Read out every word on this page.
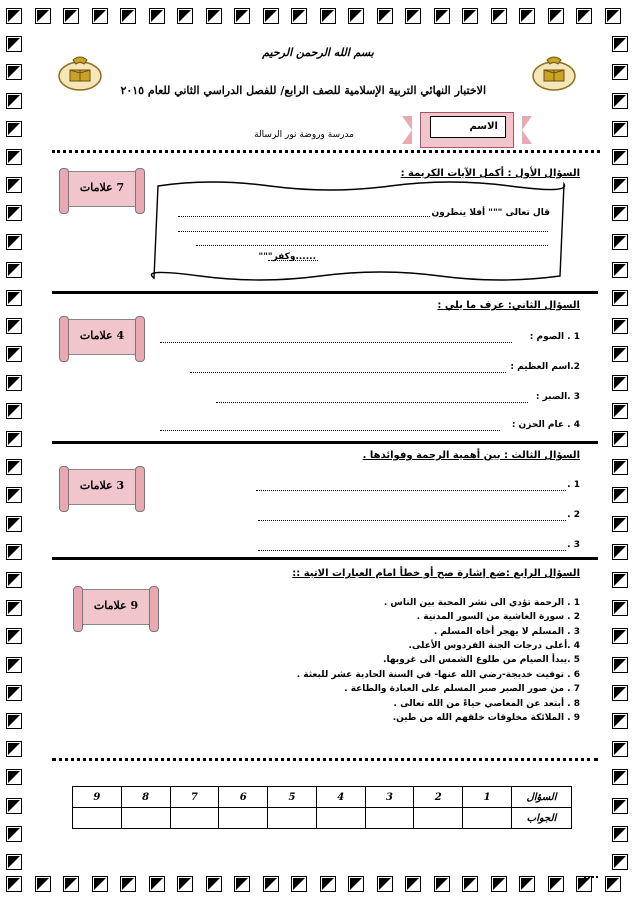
بسم الله الرحمن الرحيم
الاختبار النهائي التربية الإسلامية للصف الرابع/ للفصل الدراسي الثاني للعام ٢٠١٥
الاسم
مدرسة وروضة نور الرسالة
السؤال الأول : أكمل الآيات الكريمة :
7 علامات
قال تعالى """ أفلا ينظرون
......وكفر"""
السؤال الثاني: عرف ما يلي :
4 علامات	1 . الصوم :
2.اسم العظيم :
3 .الصبر :
4 . عام الحزن :
السؤال الثالث : بين أهمية الرحمة وفوائدها .
3 علامات	1 .
2 .
3 .
السؤال الرابع :ضع إشارة صح أو خطأ امام العبارات الاتية ::
9 علامات	1 . الرحمة تؤدي الى نشر المحبة بين الناس .
2 . سورة الغاشية من السور المدنية .
3 . المسلم لا يهجر أخاه المسلم .
4 .أعلى درجات الجنة الفردوس الأعلى.
5 .يبدأ الصيام من طلوع الشمس الى غروبها.
6 . توفيت خديجة-رضي الله عنها- في السنة الحادية عشر للبعثة .
7 . من صور الصبر صبر المسلم على العبادة والطاعة .
8 . أبتعد عن المعاصي حياءً من الله تعالى .
9 . الملائكة مخلوقات خلقهم الله من طين.
9	8	7	6	5	4	3	2	1	السؤال
									الجواب
